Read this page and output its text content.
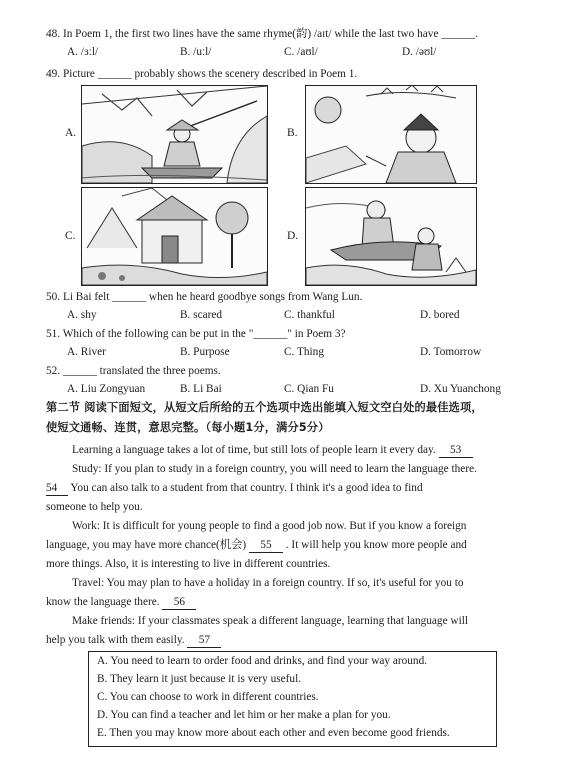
48. In Poem 1, the first two lines have the same rhyme(韵) /aɪt/ while the last two have ______.
A. /ɜːl/	B. /uːl/	C. /aʊl/	D. /əʊl/
49. Picture ______ probably shows the scenery described in Poem 1.
A.	B.
C.	D.
50. Li Bai felt ______ when he heard goodbye songs from Wang Lun.
A. shy	B. scared	C. thankful	D. bored
51. Which of the following can be put in the "______" in Poem 3?
A. River	B. Purpose	C. Thing	D. Tomorrow
52. ______ translated the three poems.
A. Liu Zongyuan	B. Li Bai	C. Qian Fu	D. Xu Yuanchong
第二节 阅读下面短文，从短文后所给的五个选项中选出能填入短文空白处的最佳选项，
使短文通畅、连贯，意思完整。（每小题1分，满分5分）
Learning a language takes a lot of time, but still lots of people learn it every day. 53
Study: If you plan to study in a foreign country, you will need to learn the language there.
54 You can also talk to a student from that country. I think it's a good idea to find
someone to help you.
Work: It is difficult for young people to find a good job now. But if you know a foreign
language, you may have more chance(机会) 55 . It will help you know more people and
more things. Also, it is interesting to live in different countries.
Travel: You may plan to have a holiday in a foreign country. If so, it's useful for you to
know the language there. 56
Make friends: If your classmates speak a different language, learning that language will
help you talk with them easily. 57
A. You need to learn to order food and drinks, and find your way around.
B. They learn it just because it is very useful.
C. You can choose to work in different countries.
D. You can find a teacher and let him or her make a plan for you.
E. Then you may know more about each other and even become good friends.
